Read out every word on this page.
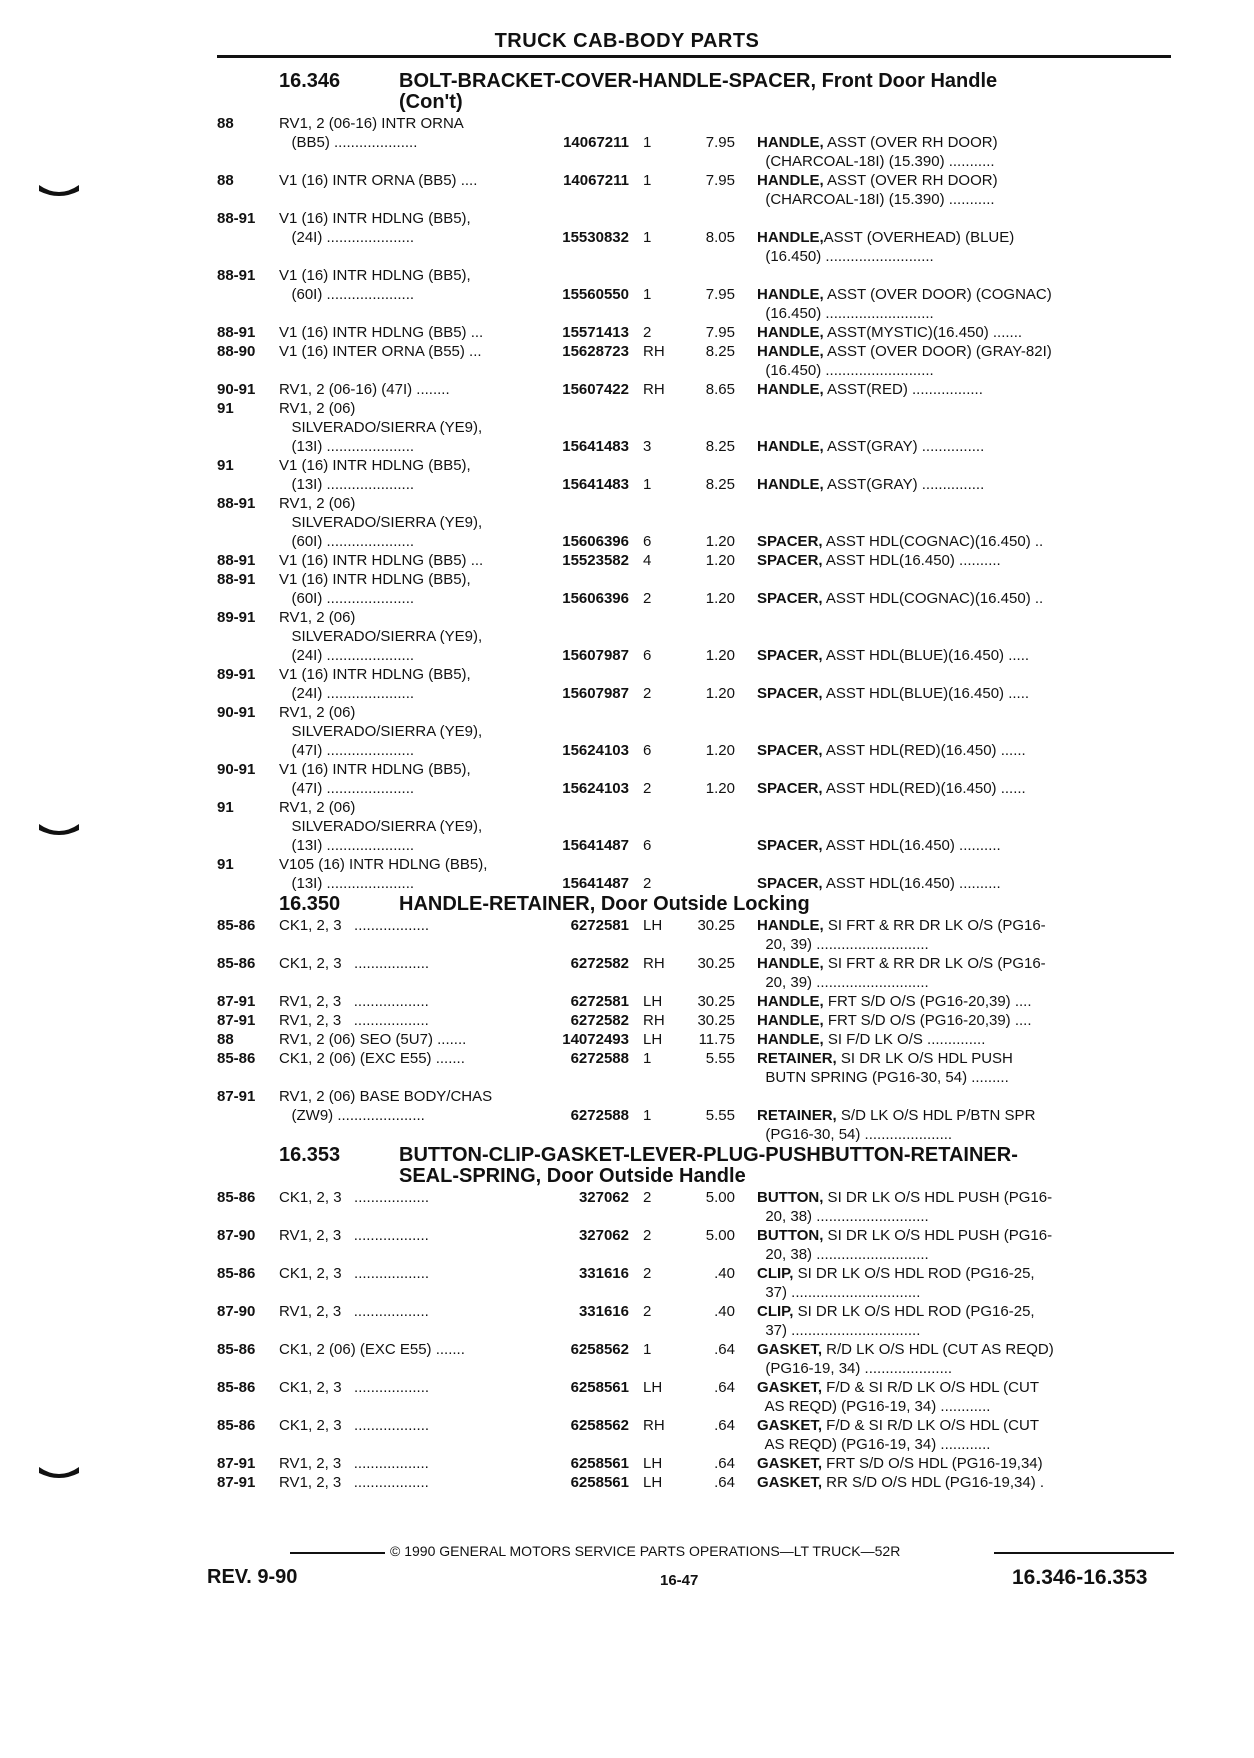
TRUCK CAB-BODY PARTS
16.346	BOLT-BRACKET-COVER-HANDLE-SPACER, Front Door Handle
(Con't)
88	RV1, 2 (06-16) INTR ORNA
(BB5) ....................	14067211 1	7.95	HANDLE, ASST (OVER RH DOOR)
(CHARCOAL-18I) (15.390) ...........
88	V1 (16) INTR ORNA (BB5) ....	14067211 1	7.95	HANDLE, ASST (OVER RH DOOR)
(CHARCOAL-18I) (15.390) ...........
88-91	V1 (16) INTR HDLNG (BB5),
(24I) .....................	15530832 1	8.05	HANDLE,ASST (OVERHEAD) (BLUE)
(16.450) ..........................
88-91	V1 (16) INTR HDLNG (BB5),
(60I) .....................	15560550 1	7.95	HANDLE, ASST (OVER DOOR) (COGNAC)
(16.450) ..........................
88-91	V1 (16) INTR HDLNG (BB5) ...	15571413 2	7.95	HANDLE, ASST(MYSTIC)(16.450) .......
88-90	V1 (16) INTER ORNA (B55) ...	15628723 RH	8.25	HANDLE, ASST (OVER DOOR) (GRAY-82I)
(16.450) ..........................
90-91	RV1, 2 (06-16) (47I) ........	15607422 RH	8.65	HANDLE, ASST(RED) .................
91	RV1, 2 (06)
SILVERADO/SIERRA (YE9),
(13I) .....................	15641483 3	8.25	HANDLE, ASST(GRAY) ...............
91	V1 (16) INTR HDLNG (BB5),
(13I) .....................	15641483 1	8.25	HANDLE, ASST(GRAY) ...............
88-91	RV1, 2 (06)
SILVERADO/SIERRA (YE9),
(60I) .....................	15606396 6	1.20	SPACER, ASST HDL(COGNAC)(16.450) ..
88-91	V1 (16) INTR HDLNG (BB5) ...	15523582 4	1.20	SPACER, ASST HDL(16.450) ..........
88-91	V1 (16) INTR HDLNG (BB5),
(60I) .....................	15606396 2	1.20	SPACER, ASST HDL(COGNAC)(16.450) ..
89-91	RV1, 2 (06)
SILVERADO/SIERRA (YE9),
(24I) .....................	15607987 6	1.20	SPACER, ASST HDL(BLUE)(16.450) .....
89-91	V1 (16) INTR HDLNG (BB5),
(24I) .....................	15607987 2	1.20	SPACER, ASST HDL(BLUE)(16.450) .....
90-91	RV1, 2 (06)
SILVERADO/SIERRA (YE9),
(47I) .....................	15624103 6	1.20	SPACER, ASST HDL(RED)(16.450) ......
90-91	V1 (16) INTR HDLNG (BB5),
(47I) .....................	15624103 2	1.20	SPACER, ASST HDL(RED)(16.450) ......
91	RV1, 2 (06)
SILVERADO/SIERRA (YE9),
(13I) .....................	15641487 6	SPACER, ASST HDL(16.450) ..........
91	V105 (16) INTR HDLNG (BB5),
(13I) .....................	15641487 2	SPACER, ASST HDL(16.450) ..........
16.350	HANDLE-RETAINER, Door Outside Locking
85-86	CK1, 2, 3   ..................	6272581 LH	30.25	HANDLE, SI FRT & RR DR LK O/S (PG16-
20, 39) ...........................
85-86	CK1, 2, 3   ..................	6272582 RH	30.25	HANDLE, SI FRT & RR DR LK O/S (PG16-
20, 39) ...........................
87-91	RV1, 2, 3   ..................	6272581 LH	30.25	HANDLE, FRT S/D O/S (PG16-20,39) ....
87-91	RV1, 2, 3   ..................	6272582 RH	30.25	HANDLE, FRT S/D O/S (PG16-20,39) ....
88	RV1, 2 (06) SEO (5U7) .......	14072493 LH	11.75	HANDLE, SI F/D LK O/S ..............
85-86	CK1, 2 (06) (EXC E55) .......	6272588 1	5.55	RETAINER, SI DR LK O/S HDL PUSH
BUTN SPRING (PG16-30, 54) .........
87-91	RV1, 2 (06) BASE BODY/CHAS
(ZW9) .....................	6272588 1	5.55	RETAINER, S/D LK O/S HDL P/BTN SPR
(PG16-30, 54) .....................
16.353	BUTTON-CLIP-GASKET-LEVER-PLUG-PUSHBUTTON-RETAINER-
SEAL-SPRING, Door Outside Handle
85-86	CK1, 2, 3   ..................	327062 2	5.00	BUTTON, SI DR LK O/S HDL PUSH (PG16-
20, 38) ...........................
87-90	RV1, 2, 3   ..................	327062 2	5.00	BUTTON, SI DR LK O/S HDL PUSH (PG16-
20, 38) ...........................
85-86	CK1, 2, 3   ..................	331616 2	.40	CLIP, SI DR LK O/S HDL ROD (PG16-25,
37) ...............................
87-90	RV1, 2, 3   ..................	331616 2	.40	CLIP, SI DR LK O/S HDL ROD (PG16-25,
37) ...............................
85-86	CK1, 2 (06) (EXC E55) .......	6258562 1	.64	GASKET, R/D LK O/S HDL (CUT AS REQD)
(PG16-19, 34) .....................
85-86	CK1, 2, 3   ..................	6258561 LH	.64	GASKET, F/D & SI R/D LK O/S HDL (CUT
AS REQD) (PG16-19, 34) ............
85-86	CK1, 2, 3   ..................	6258562 RH	.64	GASKET, F/D & SI R/D LK O/S HDL (CUT
AS REQD) (PG16-19, 34) ............
87-91	RV1, 2, 3   ..................	6258561 LH	.64	GASKET, FRT S/D O/S HDL (PG16-19,34)
87-91	RV1, 2, 3   ..................	6258561 LH	.64	GASKET, RR S/D O/S HDL (PG16-19,34) .
© 1990 GENERAL MOTORS SERVICE PARTS OPERATIONS—LT TRUCK—52R
REV. 9-90	16-47	16.346-16.353
